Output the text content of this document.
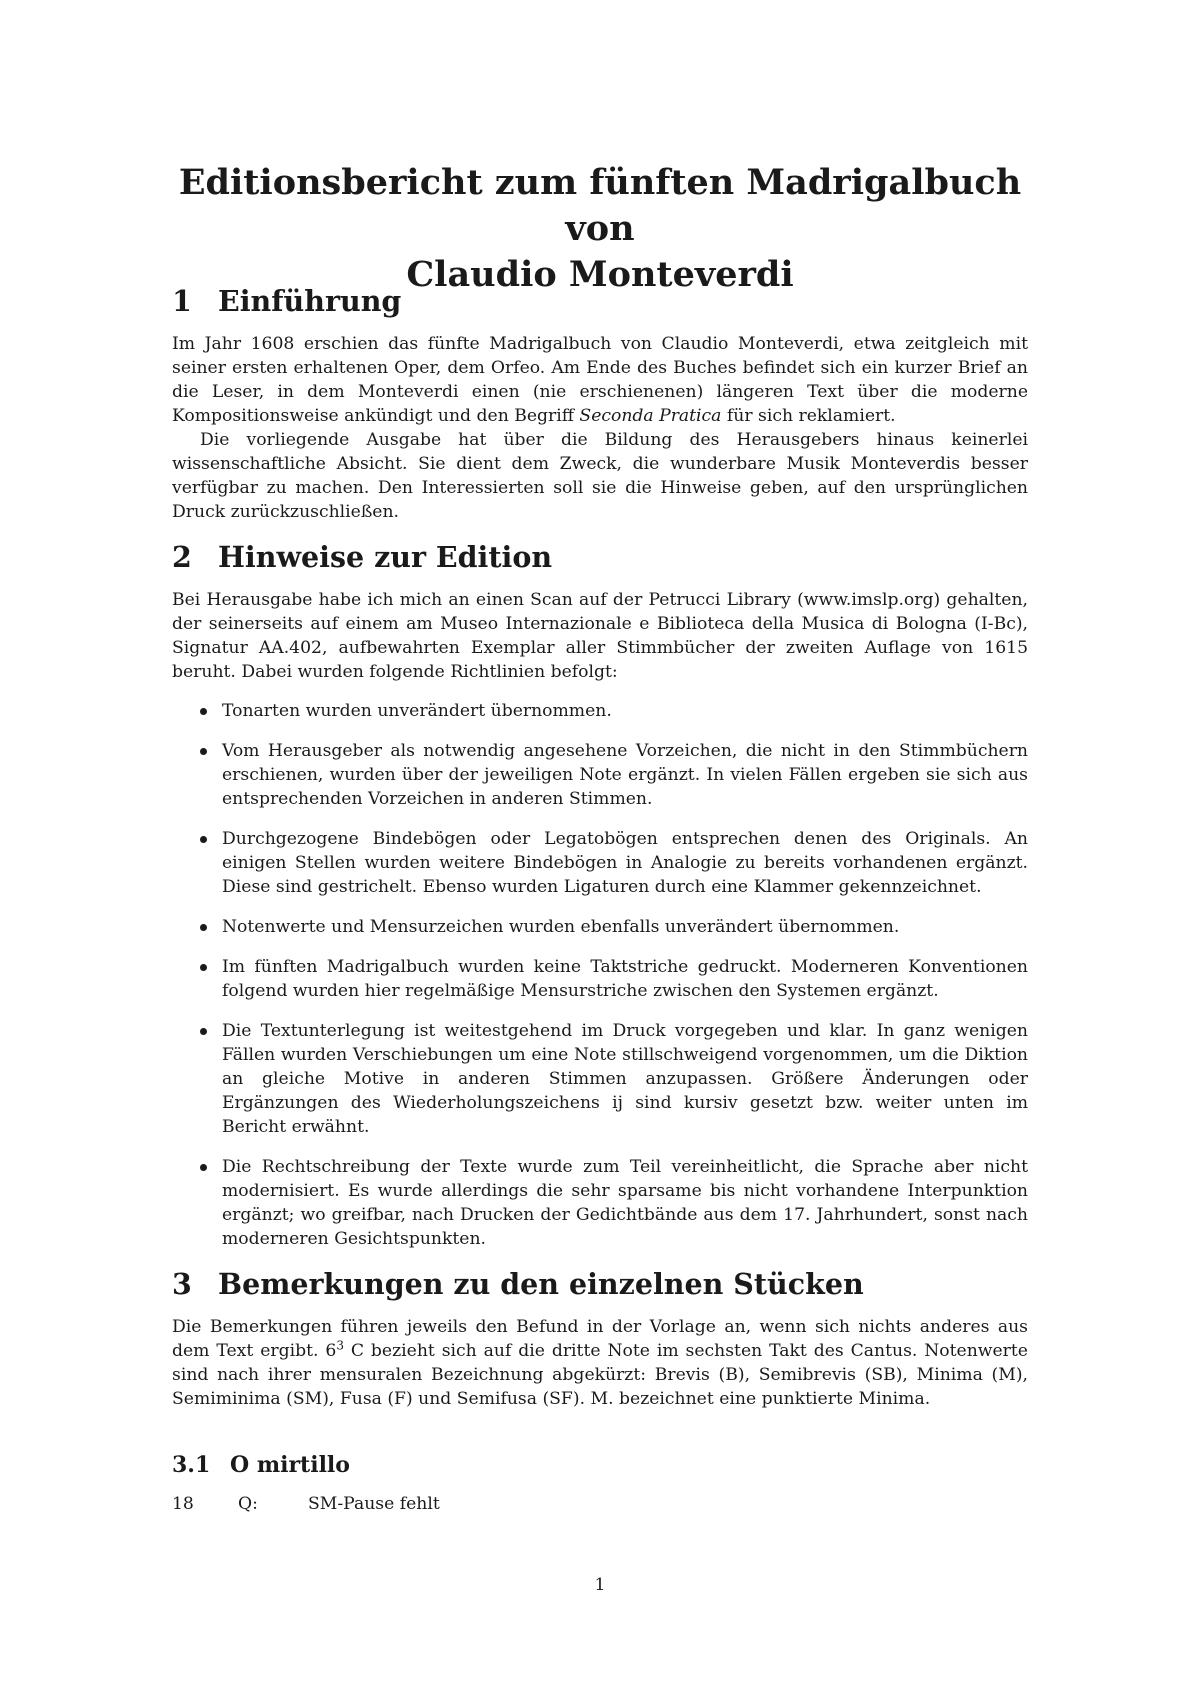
Editionsbericht zum fünften Madrigalbuch von
Claudio Monteverdi
1 Einführung

Im Jahr 1608 erschien das fünfte Madrigalbuch von Claudio Monteverdi, etwa zeitgleich mit seiner ersten erhaltenen Oper, dem Orfeo. Am Ende des Buches befindet sich ein kurzer Brief an die Leser, in dem Monteverdi einen (nie erschienenen) längeren Text über die moderne Kompositionsweise ankündigt und den Begriff Seconda Pratica für sich reklamiert.

Die vorliegende Ausgabe hat über die Bildung des Herausgebers hinaus keinerlei wissenschaftliche Absicht. Sie dient dem Zweck, die wunderbare Musik Monteverdis besser verfügbar zu machen. Den Interessierten soll sie die Hinweise geben, auf den ursprünglichen Druck zurückzuschließen.

2 Hinweise zur Edition

Bei Herausgabe habe ich mich an einen Scan auf der Petrucci Library (www.imslp.org) gehalten, der seinerseits auf einem am Museo Internazionale e Biblioteca della Musica di Bologna (I-Bc), Signatur AA.402, aufbewahrten Exemplar aller Stimmbücher der zweiten Auflage von 1615 beruht. Dabei wurden folgende Richtlinien befolgt:

Tonarten wurden unverändert übernommen.
Vom Herausgeber als notwendig angesehene Vorzeichen, die nicht in den Stimmbüchern erschienen, wurden über der jeweiligen Note ergänzt. In vielen Fällen ergeben sie sich aus entsprechenden Vorzeichen in anderen Stimmen.
Durchgezogene Bindebögen oder Legatobögen entsprechen denen des Originals. An einigen Stellen wurden weitere Bindebögen in Analogie zu bereits vorhandenen ergänzt. Diese sind gestrichelt. Ebenso wurden Ligaturen durch eine Klammer gekennzeichnet.
Notenwerte und Mensurzeichen wurden ebenfalls unverändert übernommen.
Im fünften Madrigalbuch wurden keine Taktstriche gedruckt. Moderneren Konventionen folgend wurden hier regelmäßige Mensurstriche zwischen den Systemen ergänzt.
Die Textunterlegung ist weitestgehend im Druck vorgegeben und klar. In ganz wenigen Fällen wurden Verschiebungen um eine Note stillschweigend vorgenommen, um die Diktion an gleiche Motive in anderen Stimmen anzupassen. Größere Änderungen oder Ergänzungen des Wiederholungszeichens ij sind kursiv gesetzt bzw. weiter unten im Bericht erwähnt.
Die Rechtschreibung der Texte wurde zum Teil vereinheitlicht, die Sprache aber nicht modernisiert. Es wurde allerdings die sehr sparsame bis nicht vorhandene Interpunktion ergänzt; wo greifbar, nach Drucken der Gedichtbände aus dem 17. Jahrhundert, sonst nach moderneren Gesichtspunkten.
3 Bemerkungen zu den einzelnen Stücken

Die Bemerkungen führen jeweils den Befund in der Vorlage an, wenn sich nichts anderes aus dem Text ergibt. $6^3$ C bezieht sich auf die dritte Note im sechsten Takt des Cantus. Notenwerte sind nach ihrer mensuralen Bezeichnung abgekürzt: Brevis (B), Semibrevis (SB), Minima (M), Semiminima (SM), Fusa (F) und Semifusa (SF). M. bezeichnet eine punktierte Minima.

3.1 O mirtillo
18	Q:	SM-Pause fehlt
1
